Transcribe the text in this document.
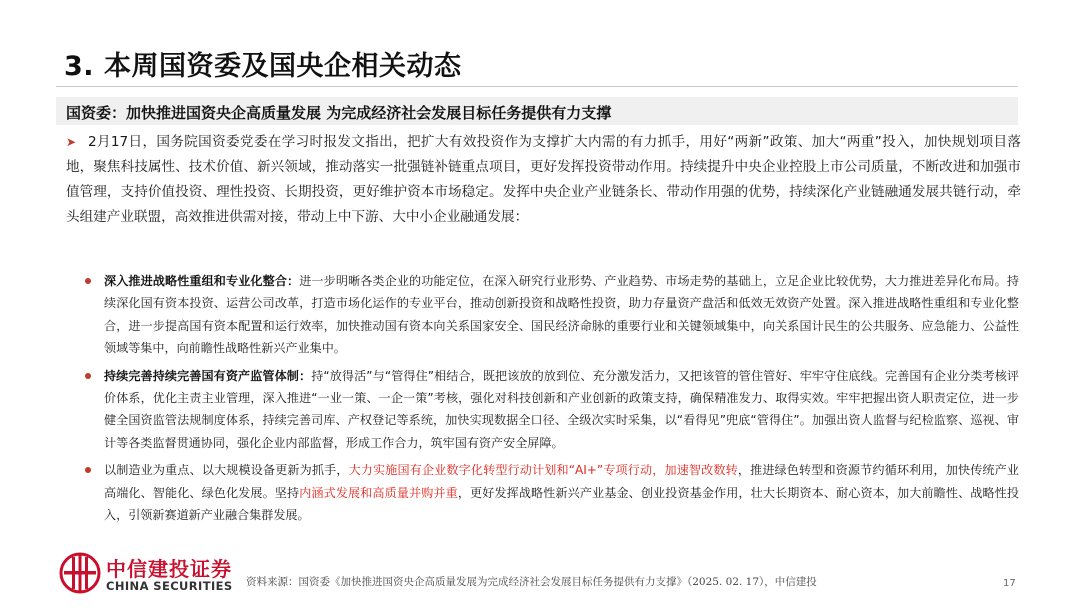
3. 本周国资委及国央企相关动态
国资委：加快推进国资央企高质量发展 为完成经济社会发展目标任务提供有力支撑
➤ 2月17日，国务院国资委党委在学习时报发文指出，把扩大有效投资作为支撑扩大内需的有力抓手，用好“两新”政策、加大“两重”投入，加快规划项目落地，聚焦科技属性、技术价值、新兴领域，推动落实一批强链补链重点项目，更好发挥投资带动作用。持续提升中央企业控股上市公司质量，不断改进和加强市值管理，支持价值投资、理性投资、长期投资，更好维护资本市场稳定。发挥中央企业产业链条长、带动作用强的优势，持续深化产业链融通发展共链行动，牵头组建产业联盟，高效推进供需对接，带动上中下游、大中小企业融通发展：
深入推进战略性重组和专业化整合：进一步明晰各类企业的功能定位，在深入研究行业形势、产业趋势、市场走势的基础上，立足企业比较优势，大力推进差异化布局。持续深化国有资本投资、运营公司改革，打造市场化运作的专业平台，推动创新投资和战略性投资，助力存量资产盘活和低效无效资产处置。深入推进战略性重组和专业化整合，进一步提高国有资本配置和运行效率，加快推动国有资本向关系国家安全、国民经济命脉的重要行业和关键领域集中，向关系国计民生的公共服务、应急能力、公益性领域等集中，向前瞻性战略性新兴产业集中。
持续完善持续完善国有资产监管体制：持“放得活”与“管得住”相结合，既把该放的放到位、充分激发活力，又把该管的管住管好、牢牢守住底线。完善国有企业分类考核评价体系，优化主责主业管理，深入推进“一业一策、一企一策”考核，强化对科技创新和产业创新的政策支持，确保精准发力、取得实效。牢牢把握出资人职责定位，进一步健全国资监管法规制度体系，持续完善司库、产权登记等系统，加快实现数据全口径、全级次实时采集，以“看得见”兜底“管得住”。加强出资人监督与纪检监察、巡视、审计等各类监督贯通协同，强化企业内部监督，形成工作合力，筑牢国有资产安全屏障。
以制造业为重点、以大规模设备更新为抓手，大力实施国有企业数字化转型行动计划和“AI+”专项行动，加速智改数转，推进绿色转型和资源节约循环利用，加快传统产业高端化、智能化、绿色化发展。坚持内涵式发展和高质量并购并重，更好发挥战略性新兴产业基金、创业投资基金作用，壮大长期资本、耐心资本，加大前瞻性、战略性投入，引领新赛道新产业融合集群发展。
中信建投证券
CHINA SECURITIES 资料来源：国资委《加快推进国资央企高质量发展为完成经济社会发展目标任务提供有力支撑》（2025. 02. 17），中信建投	17
